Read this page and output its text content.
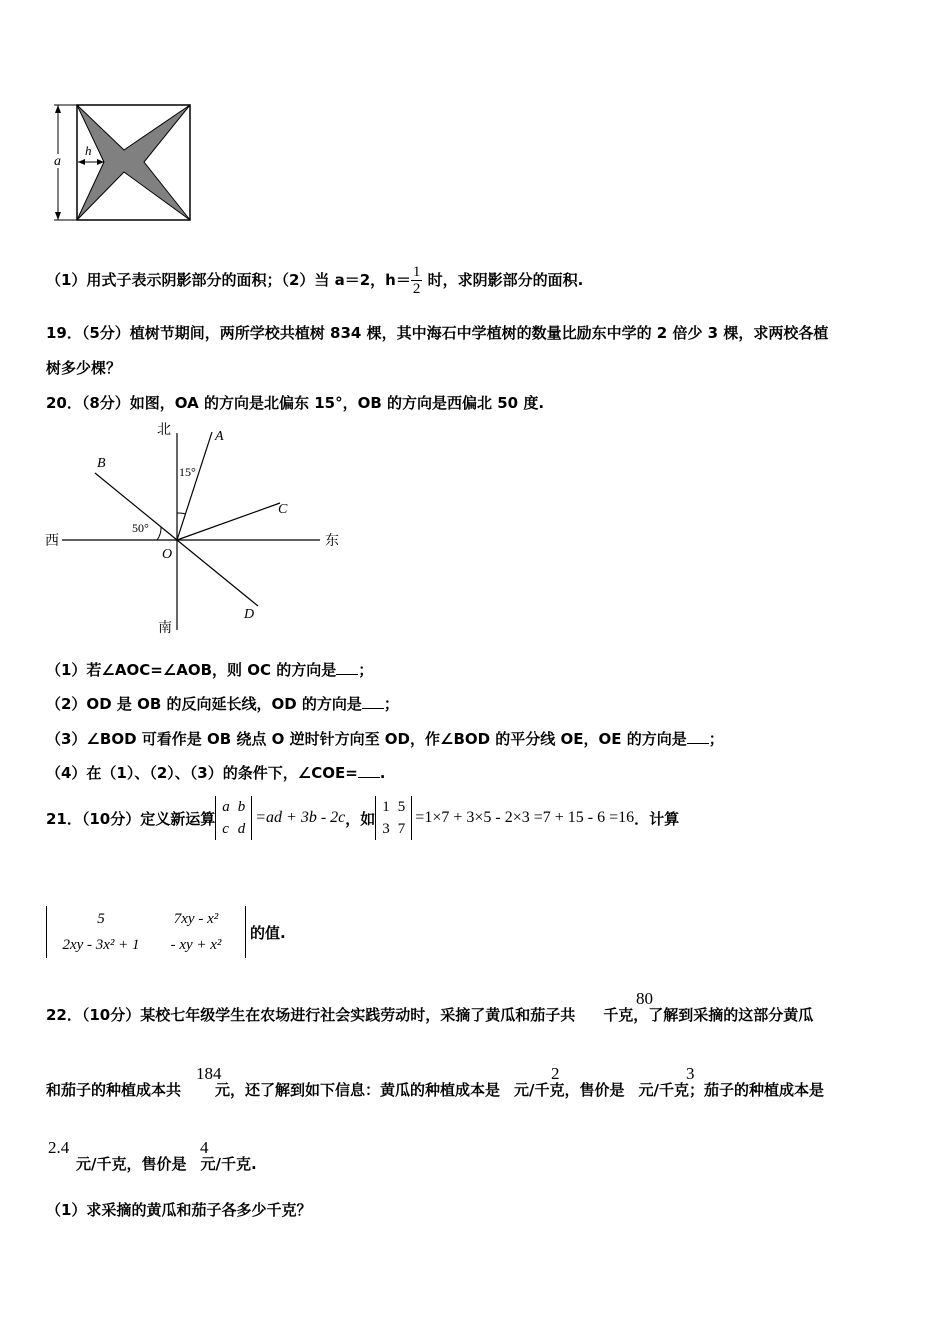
a
h
（1）用式子表示阴影部分的面积；（2）当 a＝2，$h= \frac{1}{2}$ 时，求阴影部分的面积.
19．（5分）植树节期间，两所学校共植树 834 棵，其中海石中学植树的数量比励东中学的 2 倍少 3 棵，求两校各植
树多少棵？
20．（8分）如图，OA 的方向是北偏东 15°，OB 的方向是西偏北 50 度.
北
南
西	东
A
B
C
D
O
15°
50°
（1）若∠AOC=∠AOB，则 OC 的方向是 ；
（2）OD 是 OB 的反向延长线，OD 的方向是 ；
（3）∠BOD 可看作是 OB 绕点 O 逆时针方向至 OD，作∠BOD 的平分线 OE，OE 的方向是 ；
（4）在（1）、（2）、（3）的条件下，∠COE= .
21．（10分）定义新运算
a b
c d
=ad + 3b - 2c ，如
1 5
3 7
=1×7 + 3×5 - 2×3 =7 + 15 - 6 =16 ．计算
5	7xy - x²
2xy - 3x² + 1	- xy + x²
的值.
22．（10分）某校七年级学生在农场进行社会实践劳动时，采摘了黄瓜和茄子共 千克，了解到采摘的这部分黄瓜
80
和茄子的种植成本共 元，还了解到如下信息：黄瓜的种植成本是 元/千克，售价是 元/千克；茄子的种植成本是
184	2	3
元/千克，售价是 元/千克.
2.4	4
（1）求采摘的黄瓜和茄子各多少千克？
